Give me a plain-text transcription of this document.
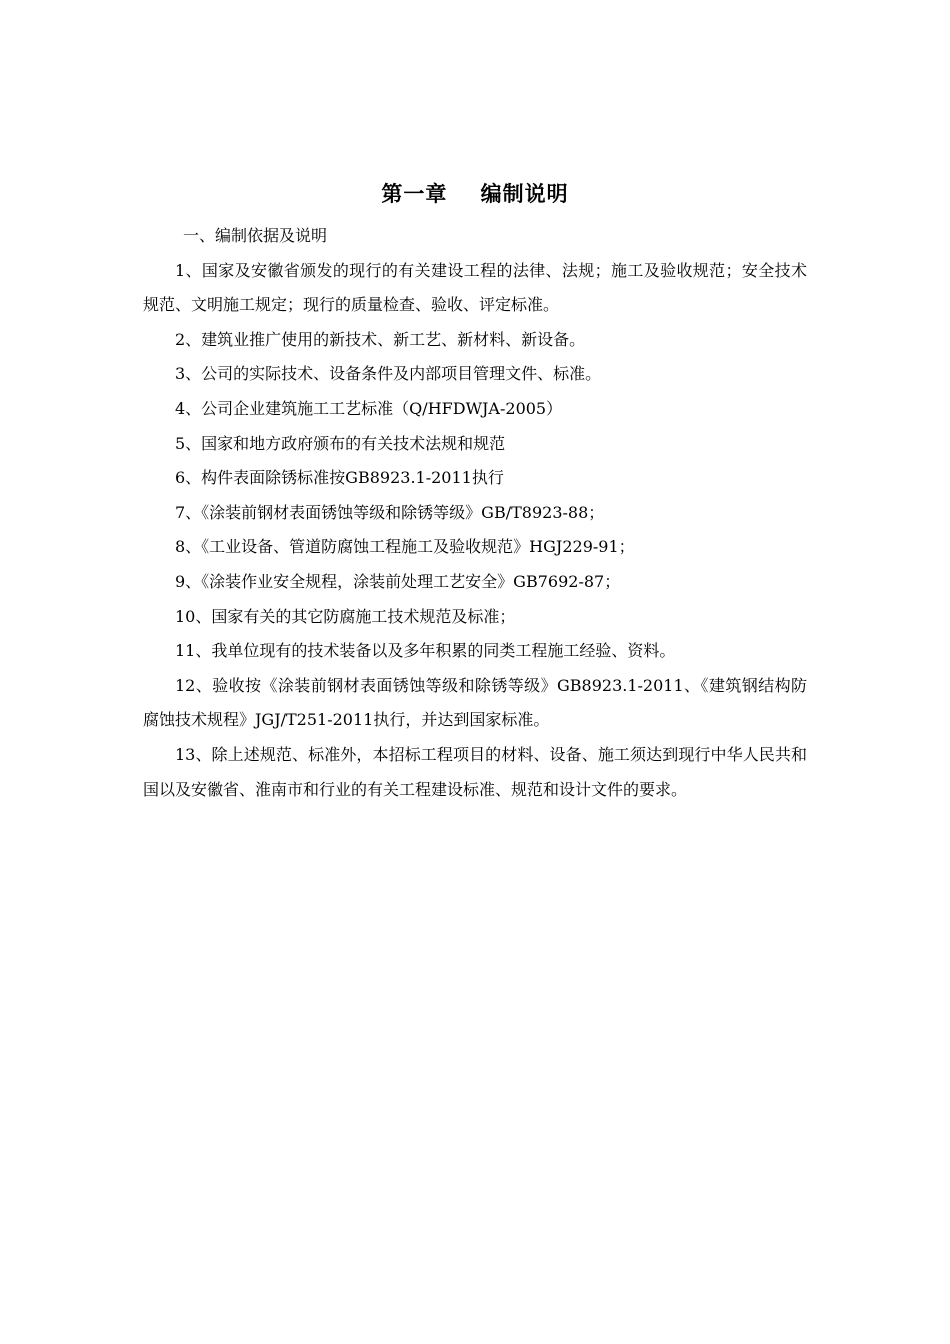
第一章    编制说明

一、编制依据及说明

1、国家及安徽省颁发的现行的有关建设工程的法律、法规；施工及验收规范；安全技术规范、文明施工规定；现行的质量检查、验收、评定标准。

2、建筑业推广使用的新技术、新工艺、新材料、新设备。

3、公司的实际技术、设备条件及内部项目管理文件、标准。

4、公司企业建筑施工工艺标准（Q/HFDWJA-2005）

5、国家和地方政府颁布的有关技术法规和规范

6、构件表面除锈标准按GB8923.1-2011执行

7、《涂装前钢材表面锈蚀等级和除锈等级》GB/T8923-88；

8、《工业设备、管道防腐蚀工程施工及验收规范》HGJ229-91；

9、《涂装作业安全规程，涂装前处理工艺安全》GB7692-87；

10、国家有关的其它防腐施工技术规范及标准；

11、我单位现有的技术装备以及多年积累的同类工程施工经验、资料。

12、验收按《涂装前钢材表面锈蚀等级和除锈等级》GB8923.1-2011、《建筑钢结构防腐蚀技术规程》JGJ/T251-2011执行，并达到国家标准。

13、除上述规范、标准外，本招标工程项目的材料、设备、施工须达到现行中华人民共和国以及安徽省、淮南市和行业的有关工程建设标准、规范和设计文件的要求。
